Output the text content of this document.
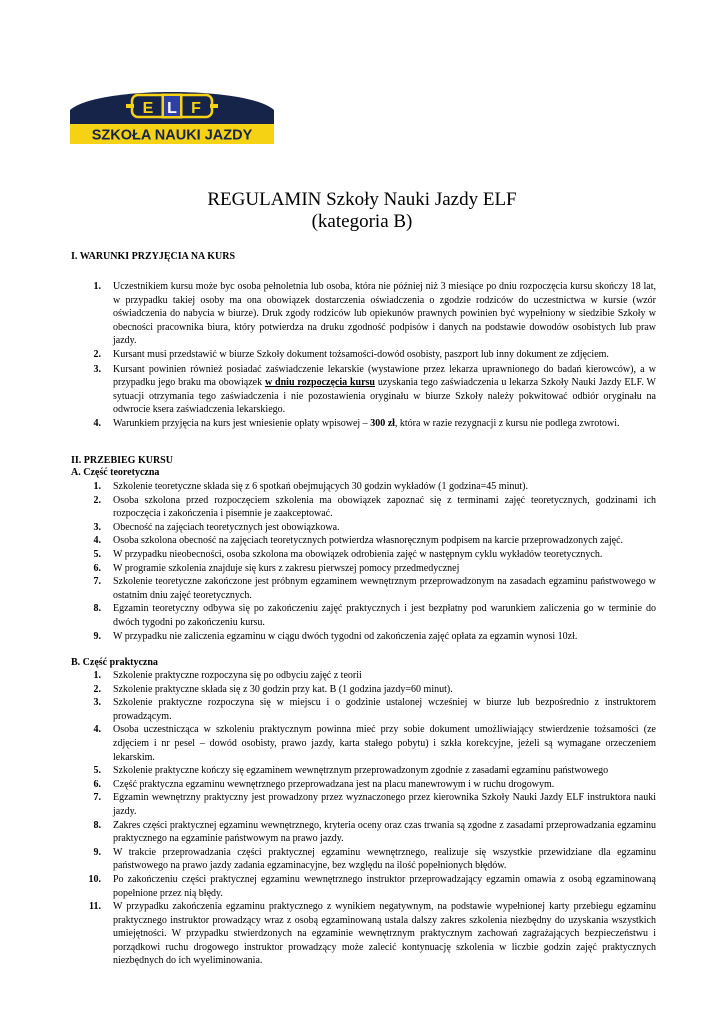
E L F
SZKOŁA NAUKI JAZDY
REGULAMIN Szkoły Nauki Jazdy ELF
(kategoria B)
I. WARUNKI PRZYJĘCIA NA KURS
1. Uczestnikiem kursu może byc osoba pełnoletnia lub osoba, która nie później niż 3 miesiące po dniu rozpoczęcia kursu skończy 18 lat, w przypadku takiej osoby ma ona obowiązek dostarczenia oświadczenia o zgodzie rodziców do uczestnictwa w kursie (wzór oświadczenia do nabycia w biurze). Druk zgody rodziców lub opiekunów prawnych powinien być wypełniony w siedzibie Szkoły w obecności pracownika biura, który potwierdza na druku zgodność podpisów i danych na podstawie dowodów osobistych lub praw jazdy.
2. Kursant musi przedstawić w biurze Szkoły dokument tożsamości-dowód osobisty, paszport lub inny dokument ze zdjęciem.
3. Kursant powinien również posiadać zaświadczenie lekarskie (wystawione przez lekarza uprawnionego do badań kierowców), a w przypadku jego braku ma obowiązek w dniu rozpoczęcia kursu uzyskania tego zaświadczenia u lekarza Szkoły Nauki Jazdy ELF. W sytuacji otrzymania tego zaświadczenia i nie pozostawienia oryginału w biurze Szkoły należy pokwitować odbiór oryginału na odwrocie ksera zaświadczenia lekarskiego.
4. Warunkiem przyjęcia na kurs jest wniesienie opłaty wpisowej – 300 zł, która w razie rezygnacji z kursu nie podlega zwrotowi.
II. PRZEBIEG KURSU
A. Część teoretyczna
1. Szkolenie teoretyczne składa się z 6 spotkań obejmujących 30 godzin wykładów (1 godzina=45 minut).
2. Osoba szkolona przed rozpoczęciem szkolenia ma obowiązek zapoznać się z terminami zajęć teoretycznych, godzinami ich rozpoczęcia i zakończenia i pisemnie je zaakceptować.
3. Obecność na zajęciach teoretycznych jest obowiązkowa.
4. Osoba szkolona obecność na zajęciach teoretycznych potwierdza własnoręcznym podpisem na karcie przeprowadzonych zajęć.
5. W przypadku nieobecności, osoba szkolona ma obowiązek odrobienia zajęć w następnym cyklu wykładów teoretycznych.
6. W programie szkolenia znajduje się kurs z zakresu pierwszej pomocy przedmedycznej
7. Szkolenie teoretyczne zakończone jest próbnym egzaminem wewnętrznym przeprowadzonym na zasadach egzaminu państwowego w ostatnim dniu zajęć teoretycznych.
8. Egzamin teoretyczny odbywa się po zakończeniu zajęć praktycznych i jest bezpłatny pod warunkiem zaliczenia go w terminie do dwóch tygodni po zakończeniu kursu.
9. W przypadku nie zaliczenia egzaminu w ciągu dwóch tygodni od zakończenia zajęć opłata za egzamin wynosi 10zł.
B. Część praktyczna
1. Szkolenie praktyczne rozpoczyna się po odbyciu zajęć z teorii
2. Szkolenie praktyczne składa się z 30 godzin przy kat. B (1 godzina jazdy=60 minut).
3. Szkolenie praktyczne rozpoczyna się w miejscu i o godzinie ustalonej wcześniej w biurze lub bezpośrednio z instruktorem prowadzącym.
4. Osoba uczestnicząca w szkoleniu praktycznym powinna mieć przy sobie dokument umożliwiający stwierdzenie tożsamości (ze zdjęciem i nr pesel – dowód osobisty, prawo jazdy, karta stałego pobytu) i szkła korekcyjne, jeżeli są wymagane orzeczeniem lekarskim.
5. Szkolenie praktyczne kończy się egzaminem wewnętrznym przeprowadzonym zgodnie z zasadami egzaminu państwowego
6. Część praktyczna egzaminu wewnętrznego przeprowadzana jest na placu manewrowym i w ruchu drogowym.
7. Egzamin wewnętrzny praktyczny jest prowadzony przez wyznaczonego przez kierownika Szkoły Nauki Jazdy ELF instruktora nauki jazdy.
8. Zakres części praktycznej egzaminu wewnętrznego, kryteria oceny oraz czas trwania są zgodne z zasadami przeprowadzania egzaminu praktycznego na egzaminie państwowym na prawo jazdy.
9. W trakcie przeprowadzania części praktycznej egzaminu wewnętrznego, realizuje się wszystkie przewidziane dla egzaminu państwowego na prawo jazdy zadania egzaminacyjne, bez względu na ilość popełnionych błędów.
10. Po zakończeniu części praktycznej egzaminu wewnętrznego instruktor przeprowadzający egzamin omawia z osobą egzaminowaną popełnione przez nią błędy.
11. W przypadku zakończenia egzaminu praktycznego z wynikiem negatywnym, na podstawie wypełnionej karty przebiegu egzaminu praktycznego instruktor prowadzący wraz z osobą egzaminowaną ustala dalszy zakres szkolenia niezbędny do uzyskania wszystkich umiejętności. W przypadku stwierdzonych na egzaminie wewnętrznym praktycznym zachowań zagrażających bezpieczeństwu i porządkowi ruchu drogowego instruktor prowadzący może zalecić kontynuację szkolenia w liczbie godzin zajęć praktycznych niezbędnych do ich wyeliminowania.
